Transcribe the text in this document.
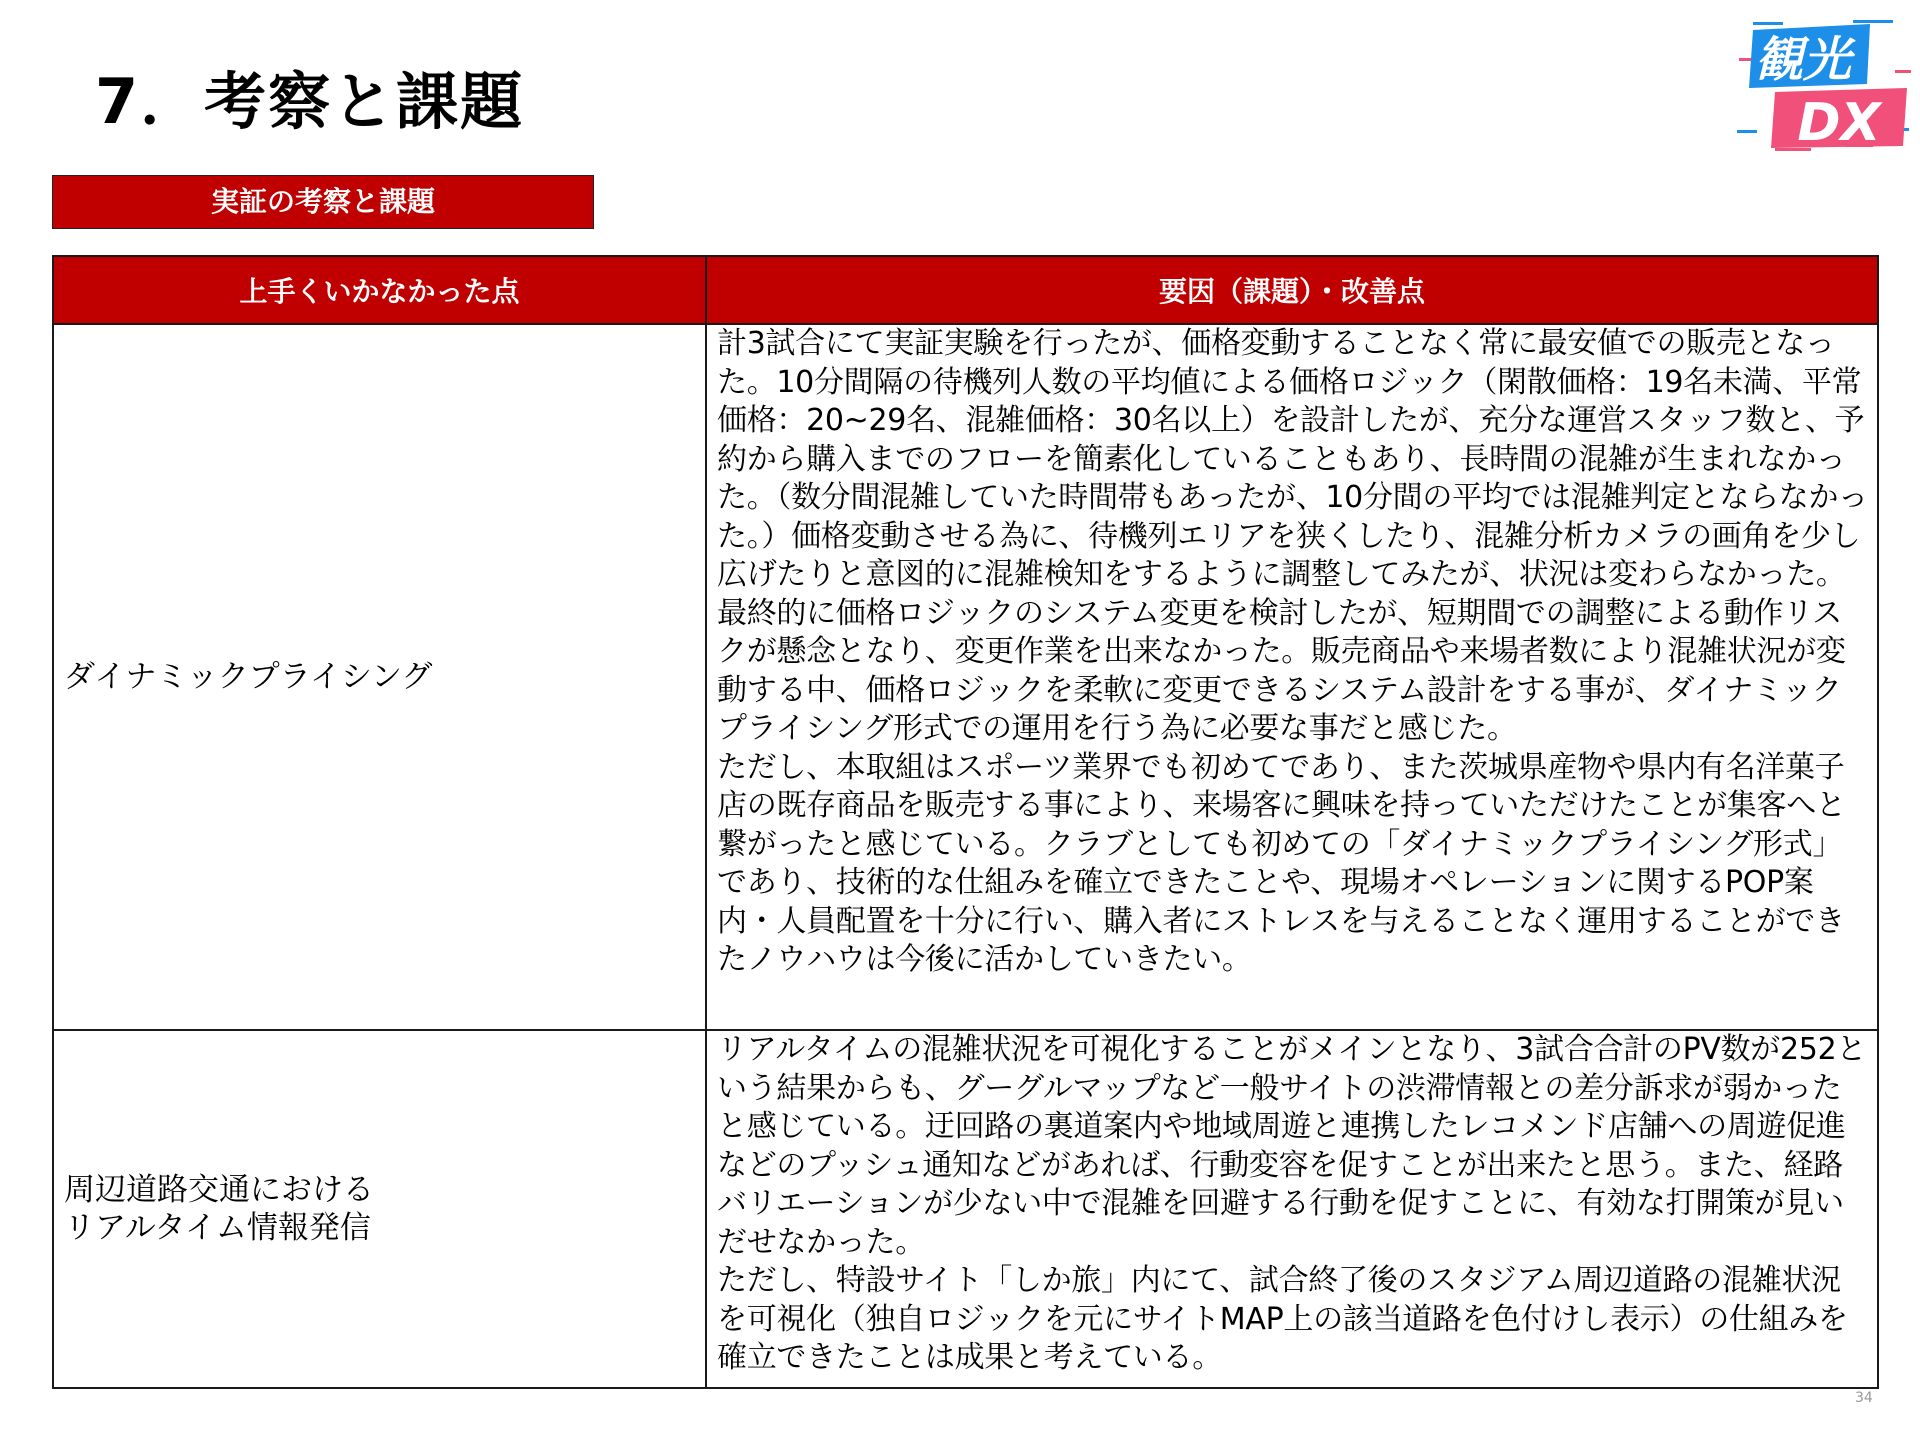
7．考察と課題
観光
DX
実証の考察と課題
上手くいかなかった点	要因（課題）・改善点
ダイナミックプライシング	計3試合にて実証実験を行ったが、価格変動することなく常に最安値での販売となった。10分間隔の待機列人数の平均値による価格ロジック（閑散価格：19名未満、平常価格：20~29名、混雑価格：30名以上）を設計したが、充分な運営スタッフ数と、予約から購入までのフローを簡素化していることもあり、長時間の混雑が生まれなかった。（数分間混雑していた時間帯もあったが、10分間の平均では混雑判定とならなかった。）価格変動させる為に、待機列エリアを狭くしたり、混雑分析カメラの画角を少し広げたりと意図的に混雑検知をするように調整してみたが、状況は変わらなかった。
最終的に価格ロジックのシステム変更を検討したが、短期間での調整による動作リスクが懸念となり、変更作業を出来なかった。販売商品や来場者数により混雑状況が変動する中、価格ロジックを柔軟に変更できるシステム設計をする事が、ダイナミックプライシング形式での運用を行う為に必要な事だと感じた。
ただし、本取組はスポーツ業界でも初めてであり、また茨城県産物や県内有名洋菓子店の既存商品を販売する事により、来場客に興味を持っていただけたことが集客へと繋がったと感じている。クラブとしても初めての「ダイナミックプライシング形式」であり、技術的な仕組みを確立できたことや、現場オペレーションに関するPOP案内・人員配置を十分に行い、購入者にストレスを与えることなく運用することができたノウハウは今後に活かしていきたい。

周辺道路交通における
リアルタイム情報発信	リアルタイムの混雑状況を可視化することがメインとなり、3試合合計のPV数が252という結果からも、グーグルマップなど一般サイトの渋滞情報との差分訴求が弱かったと感じている。迂回路の裏道案内や地域周遊と連携したレコメンド店舗への周遊促進などのプッシュ通知などがあれば、行動変容を促すことが出来たと思う。また、経路バリエーションが少ない中で混雑を回避する行動を促すことに、有効な打開策が見いだせなかった。
ただし、特設サイト「しか旅」内にて、試合終了後のスタジアム周辺道路の混雑状況を可視化（独自ロジックを元にサイトMAP上の該当道路を色付けし表示）の仕組みを確立できたことは成果と考えている。
34
